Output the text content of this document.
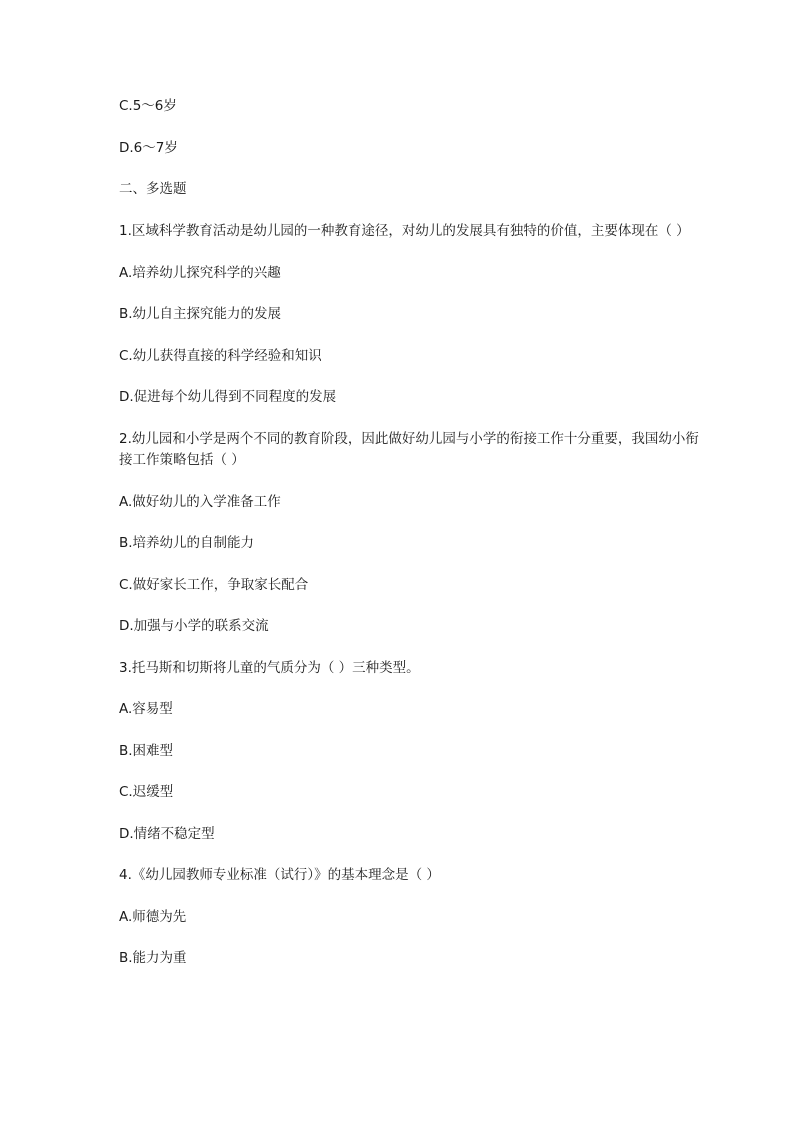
C.5～6岁

D.6～7岁

二、多选题

1.区域科学教育活动是幼儿园的一种教育途径，对幼儿的发展具有独特的价值，主要体现在（ ）

A.培养幼儿探究科学的兴趣

B.幼儿自主探究能力的发展

C.幼儿获得直接的科学经验和知识

D.促进每个幼儿得到不同程度的发展

2.幼儿园和小学是两个不同的教育阶段，因此做好幼儿园与小学的衔接工作十分重要，我国幼小衔接工作策略包括（ ）

A.做好幼儿的入学准备工作

B.培养幼儿的自制能力

C.做好家长工作，争取家长配合

D.加强与小学的联系交流

3.托马斯和切斯将儿童的气质分为（ ）三种类型。

A.容易型

B.困难型

C.迟缓型

D.情绪不稳定型

4.《幼儿园教师专业标准（试行）》的基本理念是（ ）

A.师德为先

B.能力为重
